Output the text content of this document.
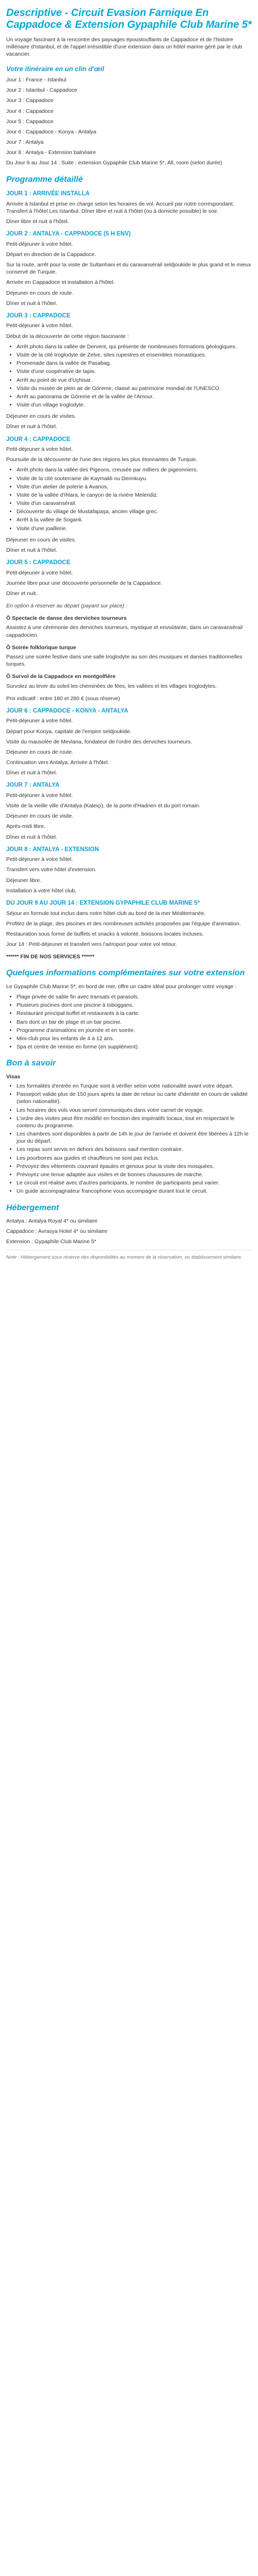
Descriptive - Circuit Evasion Farnique En Cappadoce & Extension Gypaphile Club Marine 5*

Un voyage fascinant à la rencontre des paysages époustouflants de Cappadoce et de l'histoire millénaire d'Istanbul, et de l'appel irrésistible d'une extension dans un hôtel marine géré par le club vacancier.

Votre itinéraire en un clin d'œil
Jour 1 : France - Istanbul
Jour 2 : Istanbul - Cappadoce
Jour 3 : Cappadoce
Jour 4 : Cappadoce
Jour 5 : Cappadoce
Jour 6 : Cappadoce - Konya - Antalya
Jour 7 : Antalya
Jour 8 : Antalya - Extension balnéaire
Du Jour 9 au Jour 14 : Suite : extension Gypaphile Club Marine 5*, All, room (selon durée)
Programme détaillé
JOUR 1 : ARRIVÉE INSTALLA
Arrivée à Istanbul et prise en charge selon les horaires de vol. Accueil par notre correspondant. Transfert à l'hôtel Les Istanbul. Dîner libre et nuit à l'hôtel (ou à domicile possible) le soir.
Dîner libre et nuit à l'hôtel.
JOUR 2 : ANTALYA - CAPPADOCE (5 H ENV)
Petit-déjeuner à votre hôtel.
Départ en direction de la Cappadoce.
Sur la route, arrêt pour la visite de Sultanhani et du caravansérail seldjoukide le plus grand et le mieux conservé de Turquie.
Arrivée en Cappadoce et installation à l'hôtel.
Déjeuner en cours de route.
Dîner et nuit à l'hôtel.
JOUR 3 : CAPPADOCE
Petit-déjeuner à votre hôtel.
Début de la découverte de cette région fascinante :
• Arrêt photo dans la vallée de Dervent, qui présente de nombreuses formations géologiques.
• Visite de la cité troglodyte de Zelve, sites rupestres et ensembles monastiques.
• Promenade dans la vallée de Pasabag.
• Visite d'une coopérative de tapis.
• Arrêt au point de vue d'Uçhisar.
• Visite du musée de plein air de Göreme, classé au patrimoine mondial de l'UNESCO.
• Arrêt au panorama de Göreme et de la vallée de l'Amour.
• Visite d'un village troglodyte.
Déjeuner en cours de visites.
Dîner et nuit à l'hôtel.
JOUR 4 : CAPPADOCE
Petit-déjeuner à votre hôtel.
Poursuite de la découverte de l'une des régions les plus étonnantes de Turquie.
• Arrêt photo dans la vallée des Pigeons, creusée par milliers de pigeonniers.
• Visite de la cité souterraine de Kaymakli ou Derinkuyu.
• Visite d'un atelier de poterie à Avanos.
• Visite de la vallée d'Ihlara, le canyon de la rivière Melendiz.
• Visite d'un caravansérail.
• Découverte du village de Mustafapaşa, ancien village grec.
• Arrêt à la vallée de Soganli.
• Visite d'une joaillerie.
Déjeuner en cours de visites.
Dîner et nuit à l'hôtel.
JOUR 5 : CAPPADOCE
Petit-déjeuner à votre hôtel.
Journée libre pour une découverte personnelle de la Cappadoce.
Dîner et nuit.
En option à réserver au départ (payant sur place) :
Ô Spectacle de danse des derviches tourneurs
Assistez à une cérémonie des derviches tourneurs, mystique et envoûtante, dans un caravansérail cappadocien.
Ô Soirée folklorique turque
Passez une soirée festive dans une salle troglodyte au son des musiques et danses traditionnelles turques.
Ô Survol de la Cappadoce en montgolfière
Survolez au lever du soleil les cheminées de fées, les vallées et les villages troglodytes.
Prix indicatif : entre 180 et 280 € (sous réserve)
JOUR 6 : CAPPADOCE - KONYA - ANTALYA
Petit-déjeuner à votre hôtel.
Départ pour Konya, capitale de l'empire seldjoukide.
Visite du mausolée de Mevlana, fondateur de l'ordre des derviches tourneurs.
Déjeuner en cours de route.
Continuation vers Antalya. Arrivée à l'hôtel.
Dîner et nuit à l'hôtel.
JOUR 7 : ANTALYA
Petit-déjeuner à votre hôtel.
Visite de la vieille ville d'Antalya (Kaleiçi), de la porte d'Hadrien et du port romain.
Déjeuner en cours de visite.
Après-midi libre.
Dîner et nuit à l'hôtel.
JOUR 8 : ANTALYA - EXTENSION
Petit-déjeuner à votre hôtel.
Transfert vers votre hôtel d'extension.
Déjeuner libre.
Installation à votre hôtel club.
DU JOUR 9 AU JOUR 14 : EXTENSION GYPAPHILE CLUB MARINE 5*
Séjour en formule tout inclus dans notre hôtel club au bord de la mer Méditerranée.
Profitez de la plage, des piscines et des nombreuses activités proposées par l'équipe d'animation.
Restauration sous forme de buffets et snacks à volonté, boissons locales incluses.
Jour 14 : Petit-déjeuner et transfert vers l'aéroport pour votre vol retour.
****** FIN DE NOS SERVICES ******
Quelques informations complémentaires sur votre extension
Le Gypaphile Club Marine 5*, en bord de mer, offre un cadre idéal pour prolonger votre voyage :
• Plage privée de sable fin avec transats et parasols.
• Plusieurs piscines dont une piscine à toboggans.
• Restaurant principal buffet et restaurants à la carte.
• Bars dont un bar de plage et un bar piscine.
• Programme d'animations en journée et en soirée.
• Mini-club pour les enfants de 4 à 12 ans.
• Spa et centre de remise en forme (en supplément).
Bon à savoir
Visas
• Les formalités d'entrée en Turquie sont à vérifier selon votre nationalité avant votre départ.
• Passeport valide plus de 150 jours après la date de retour ou carte d'identité en cours de validité (selon nationalité).
• Les horaires des vols vous seront communiqués dans votre carnet de voyage.
• L'ordre des visites peut être modifié en fonction des impératifs locaux, tout en respectant le contenu du programme.
• Les chambres sont disponibles à partir de 14h le jour de l'arrivée et doivent être libérées à 12h le jour du départ.
• Les repas sont servis en dehors des boissons sauf mention contraire.
• Les pourboires aux guides et chauffeurs ne sont pas inclus.
• Prévoyez des vêtements couvrant épaules et genoux pour la visite des mosquées.
• Prévoyez une tenue adaptée aux visites et de bonnes chaussures de marche.
• Le circuit est réalisé avec d'autres participants, le nombre de participants peut varier.
• Un guide accompagnateur francophone vous accompagne durant tout le circuit.
Hébergement
Antalya : Antalya Royal 4* ou similaire
Cappadoce : Avrasya Hotel 4* ou similaire
Extension : Gypaphile Club Marine 5*
Note : Hébergement sous réserve des disponibilités au moment de la réservation, ou établissement similaire.
